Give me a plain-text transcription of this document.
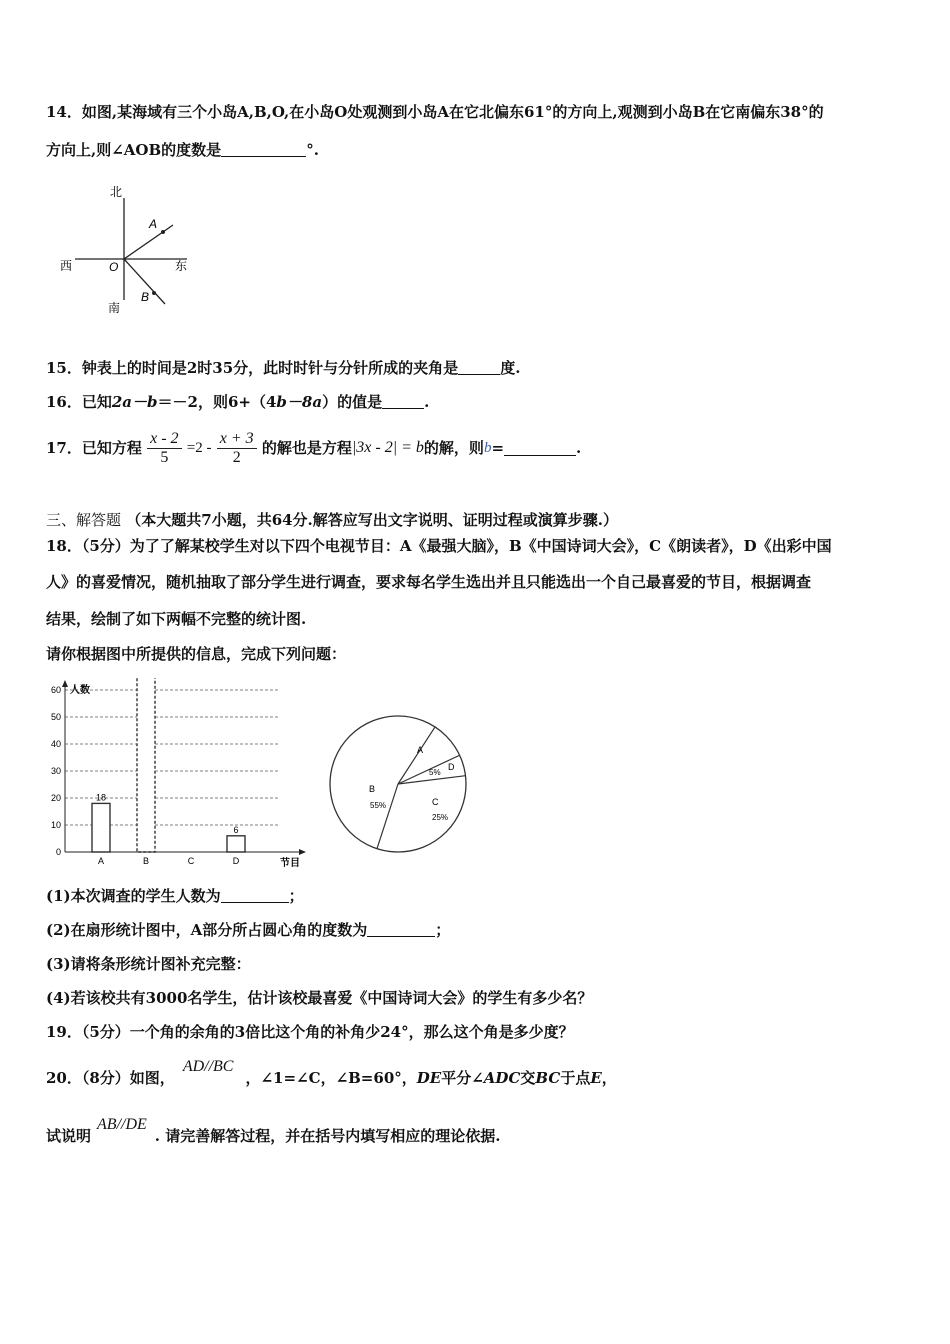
14．如图,某海域有三个小岛A,B,O,在小岛O处观测到小岛A在它北偏东61°的方向上,观测到小岛B在它南偏东38°的
方向上,则∠AOB的度数是	°.
北
南
东
西	O
A
B
15．钟表上的时间是2时35分，此时时针与分针所成的夹角是	度.
16．已知2a－b＝－2，则6+（4b－8a）的值是	.
17．已知方程 $\frac{x - 2}{5} =2 - \frac{x + 3}{2}$ 的解也是方程|3x - 2| = b的解，则b=	.
三、解答题 （本大题共7小题，共64分.解答应写出文字说明、证明过程或演算步骤.）
18．（5分）为了了解某校学生对以下四个电视节目：A《最强大脑》，B《中国诗词大会》，C《朗读者》，D《出彩中国
人》的喜爱情况，随机抽取了部分学生进行调查，要求每名学生选出并且只能选出一个自己最喜爱的节目，根据调查
结果，绘制了如下两幅不完整的统计图.
请你根据图中所提供的信息，完成下列问题：
0
10
20
30
40
50
60
A
18
B	C	D
6
人数
节目
A
B
55%	C
25%
D
5%
(1)本次调查的学生人数为	；
(2)在扇形统计图中，A部分所占圆心角的度数为	；
(3)请将条形统计图补充完整：
(4)若该校共有3000名学生，估计该校最喜爱《中国诗词大会》的学生有多少名？
19．（5分）一个角的余角的3倍比这个角的补角少24°，那么这个角是多少度？
20．（8分）如图，AD//BC，∠1=∠C，∠B=60°，DE平分∠ADC交BC于点E，
试说明AB//DE. 请完善解答过程，并在括号内填写相应的理论依据.
